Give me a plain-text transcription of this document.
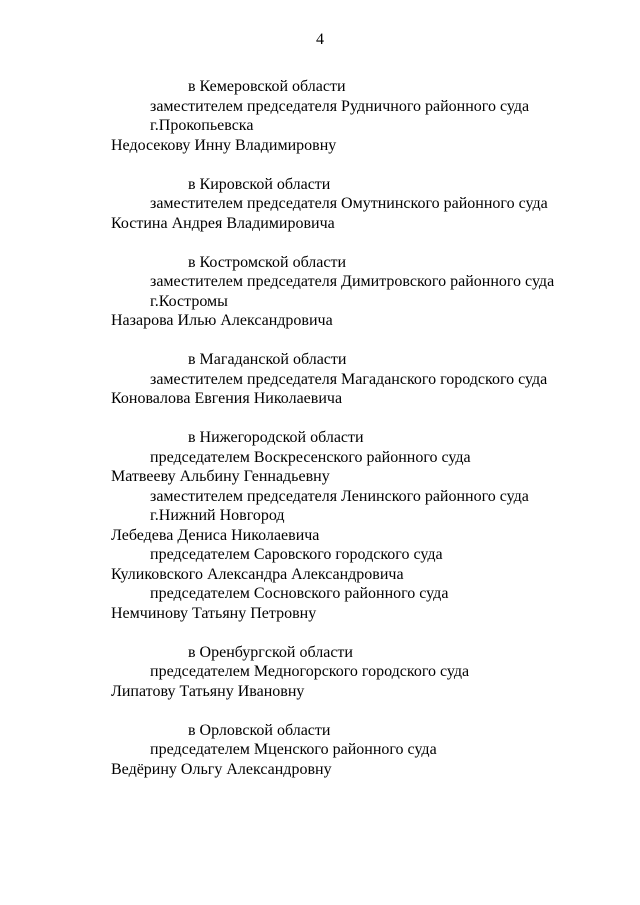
4
в Кемеровской области
заместителем председателя Рудничного районного суда
г.Прокопьевска
Недосекову Инну Владимировну
в Кировской области
заместителем председателя Омутнинского районного суда
Костина Андрея Владимировича
в Костромской области
заместителем председателя Димитровского районного суда
г.Костромы
Назарова Илью Александровича
в Магаданской области
заместителем председателя Магаданского городского суда
Коновалова Евгения Николаевича
в Нижегородской области
председателем Воскресенского районного суда
Матвееву Альбину Геннадьевну
заместителем председателя Ленинского районного суда
г.Нижний Новгород
Лебедева Дениса Николаевича
председателем Саровского городского суда
Куликовского Александра Александровича
председателем Сосновского районного суда
Немчинову Татьяну Петровну
в Оренбургской области
председателем Медногорского городского суда
Липатову Татьяну Ивановну
в Орловской области
председателем Мценского районного суда
Ведёрину Ольгу Александровну
